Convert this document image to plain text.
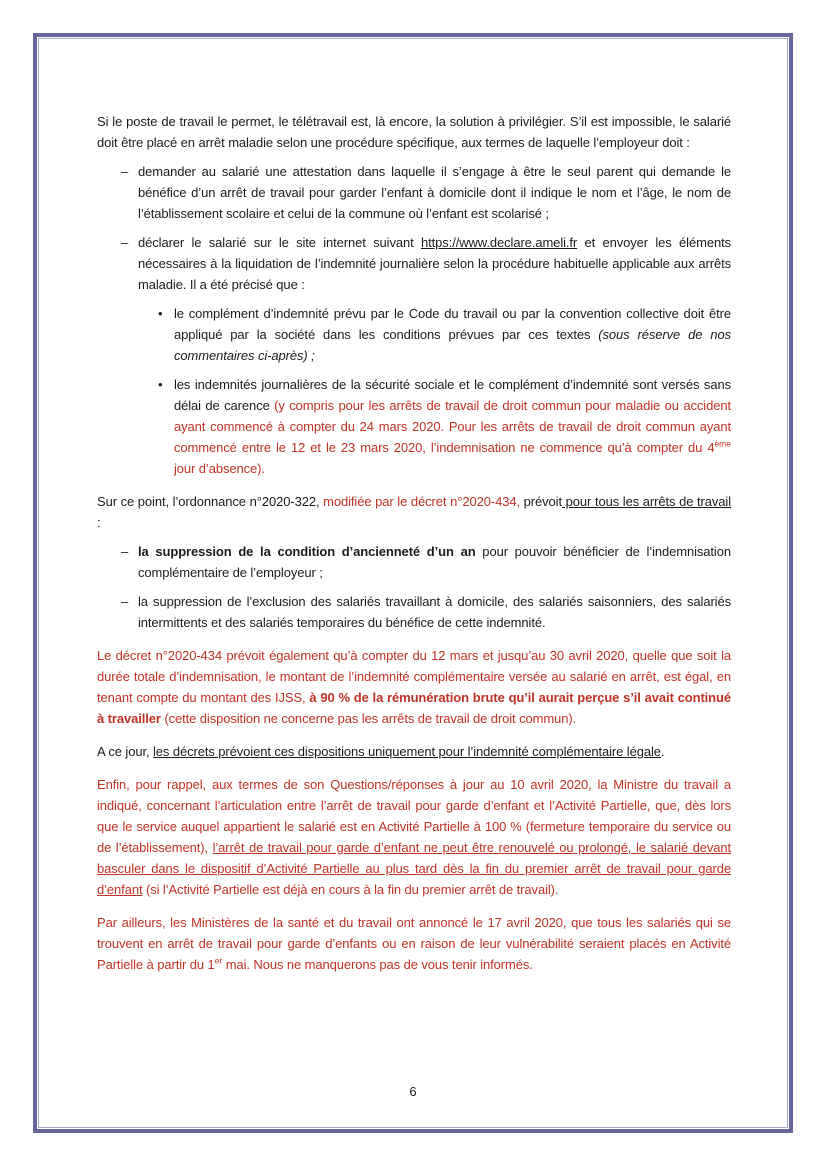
Si le poste de travail le permet, le télétravail est, là encore, la solution à privilégier. S’il est impossible, le salarié doit être placé en arrêt maladie selon une procédure spécifique, aux termes de laquelle l’employeur doit :
– demander au salarié une attestation dans laquelle il s’engage à être le seul parent qui demande le bénéfice d’un arrêt de travail pour garder l’enfant à domicile dont il indique le nom et l’âge, le nom de l’établissement scolaire et celui de la commune où l’enfant est scolarisé ;
– déclarer le salarié sur le site internet suivant https://www.declare.ameli.fr et envoyer les éléments nécessaires à la liquidation de l’indemnité journalière selon la procédure habituelle applicable aux arrêts maladie. Il a été précisé que :
• le complément d’indemnité prévu par le Code du travail ou par la convention collective doit être appliqué par la société dans les conditions prévues par ces textes (sous réserve de nos commentaires ci-après) ;
• les indemnités journalières de la sécurité sociale et le complément d’indemnité sont versés sans délai de carence (y compris pour les arrêts de travail de droit commun pour maladie ou accident ayant commencé à compter du 24 mars 2020. Pour les arrêts de travail de droit commun ayant commencé entre le 12 et le 23 mars 2020, l’indemnisation ne commence qu’à compter du 4ème jour d’absence).
Sur ce point, l’ordonnance n°2020-322, modifiée par le décret n°2020-434, prévoit pour tous les arrêts de travail :
– la suppression de la condition d’ancienneté d’un an pour pouvoir bénéficier de l’indemnisation complémentaire de l’employeur ;
– la suppression de l’exclusion des salariés travaillant à domicile, des salariés saisonniers, des salariés intermittents et des salariés temporaires du bénéfice de cette indemnité.
Le décret n°2020-434 prévoit également qu’à compter du 12 mars et jusqu’au 30 avril 2020, quelle que soit la durée totale d’indemnisation, le montant de l’indemnité complémentaire versée au salarié en arrêt, est égal, en tenant compte du montant des IJSS, à 90 % de la rémunération brute qu’il aurait perçue s’il avait continué à travailler (cette disposition ne concerne pas les arrêts de travail de droit commun).
A ce jour, les décrets prévoient ces dispositions uniquement pour l’indemnité complémentaire légale.
Enfin, pour rappel, aux termes de son Questions/réponses à jour au 10 avril 2020, la Ministre du travail a indiqué, concernant l’articulation entre l’arrêt de travail pour garde d’enfant et l’Activité Partielle, que, dès lors que le service auquel appartient le salarié est en Activité Partielle à 100 % (fermeture temporaire du service ou de l’établissement), l’arrêt de travail pour garde d’enfant ne peut être renouvelé ou prolongé, le salarié devant basculer dans le dispositif d’Activité Partielle au plus tard dès la fin du premier arrêt de travail pour garde d’enfant (si l’Activité Partielle est déjà en cours à la fin du premier arrêt de travail).
Par ailleurs, les Ministères de la santé et du travail ont annoncé le 17 avril 2020, que tous les salariés qui se trouvent en arrêt de travail pour garde d’enfants ou en raison de leur vulnérabilité seraient placés en Activité Partielle à partir du 1er mai. Nous ne manquerons pas de vous tenir informés.
6
